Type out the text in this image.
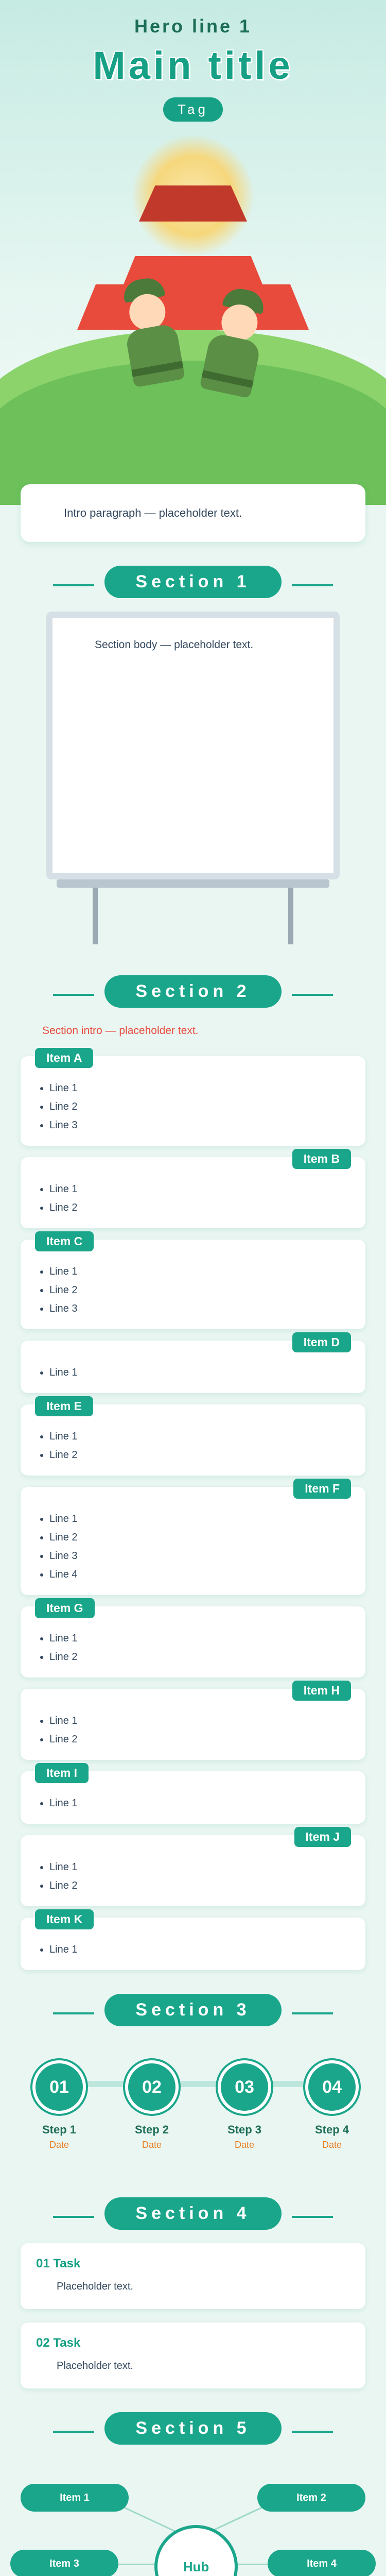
Hero line 1
Main title
Tag

Intro paragraph — placeholder text.

Section 1

Section body — placeholder text.

Section 2

Section intro — placeholder text.

Item A
• Line 1
• Line 2
• Line 3
Item B
• Line 1
• Line 2
Item C
• Line 1
• Line 2
• Line 3
Item D
• Line 1
Item E
• Line 1
• Line 2
Item F
• Line 1
• Line 2
• Line 3
• Line 4
Item G
• Line 1
• Line 2
Item H
• Line 1
• Line 2
Item I
• Line 1
Item J
• Line 1
• Line 2
Item K
• Line 1
Section 3
01
Step 1
Date
02
Step 2
Date
03
Step 3
Date
04
Step 4
Date
Section 4
01 Task

Placeholder text.

02 Task

Placeholder text.

Section 5
Hub
Item 1	Item 2
Item 3	Item 4
